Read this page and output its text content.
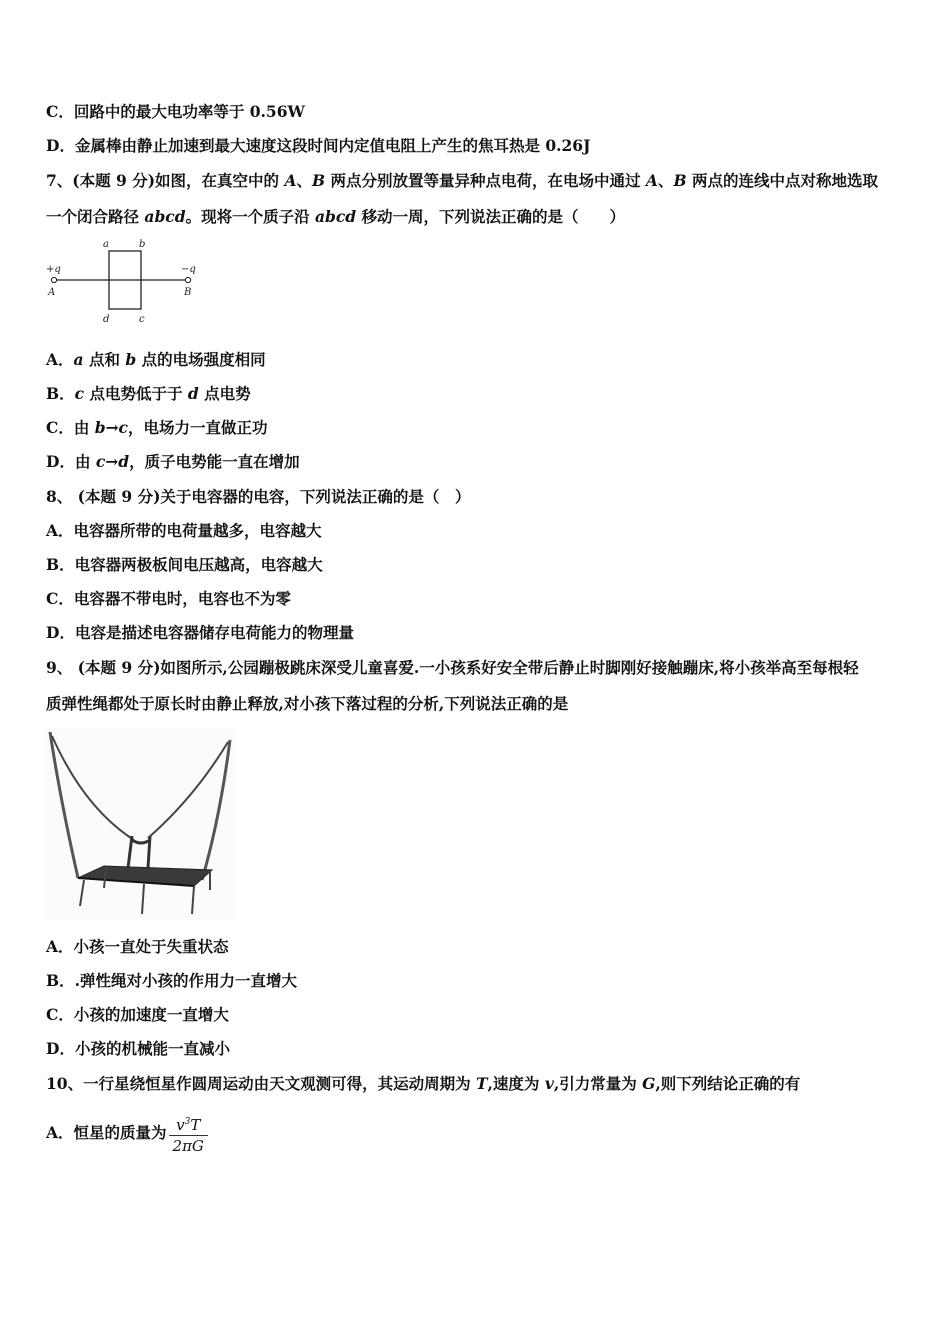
C．回路中的最大电功率等于 0.56W
D．金属棒由静止加速到最大速度这段时间内定值电阻上产生的焦耳热是 0.26J
7、(本题 9 分)如图，在真空中的 A、B 两点分别放置等量异种点电荷，在电场中通过 A、B 两点的连线中点对称地选取
一个闭合路径 abcd。现将一个质子沿 abcd 移动一周，下列说法正确的是（　　）
+q	−q
A	B
a	b
d	c
A．a 点和 b 点的电场强度相同
B．c 点电势低于于 d 点电势
C．由 b→c，电场力一直做正功
D．由 c→d，质子电势能一直在增加
8、 (本题 9 分)关于电容器的电容，下列说法正确的是（　）
A．电容器所带的电荷量越多，电容越大
B．电容器两极板间电压越高，电容越大
C．电容器不带电时，电容也不为零
D．电容是描述电容器储存电荷能力的物理量
9、 (本题 9 分)如图所示,公园蹦极跳床深受儿童喜爱.一小孩系好安全带后静止时脚刚好接触蹦床,将小孩举高至每根轻
质弹性绳都处于原长时由静止释放,对小孩下落过程的分析,下列说法正确的是
A．小孩一直处于失重状态
B．.弹性绳对小孩的作用力一直增大
C．小孩的加速度一直增大
D．小孩的机械能一直减小
10、一行星绕恒星作圆周运动由天文观测可得，其运动周期为 T,速度为 v,引力常量为 G,则下列结论正确的有
A．恒星的质量为 $\frac{v^3T}{2\pi G}$
